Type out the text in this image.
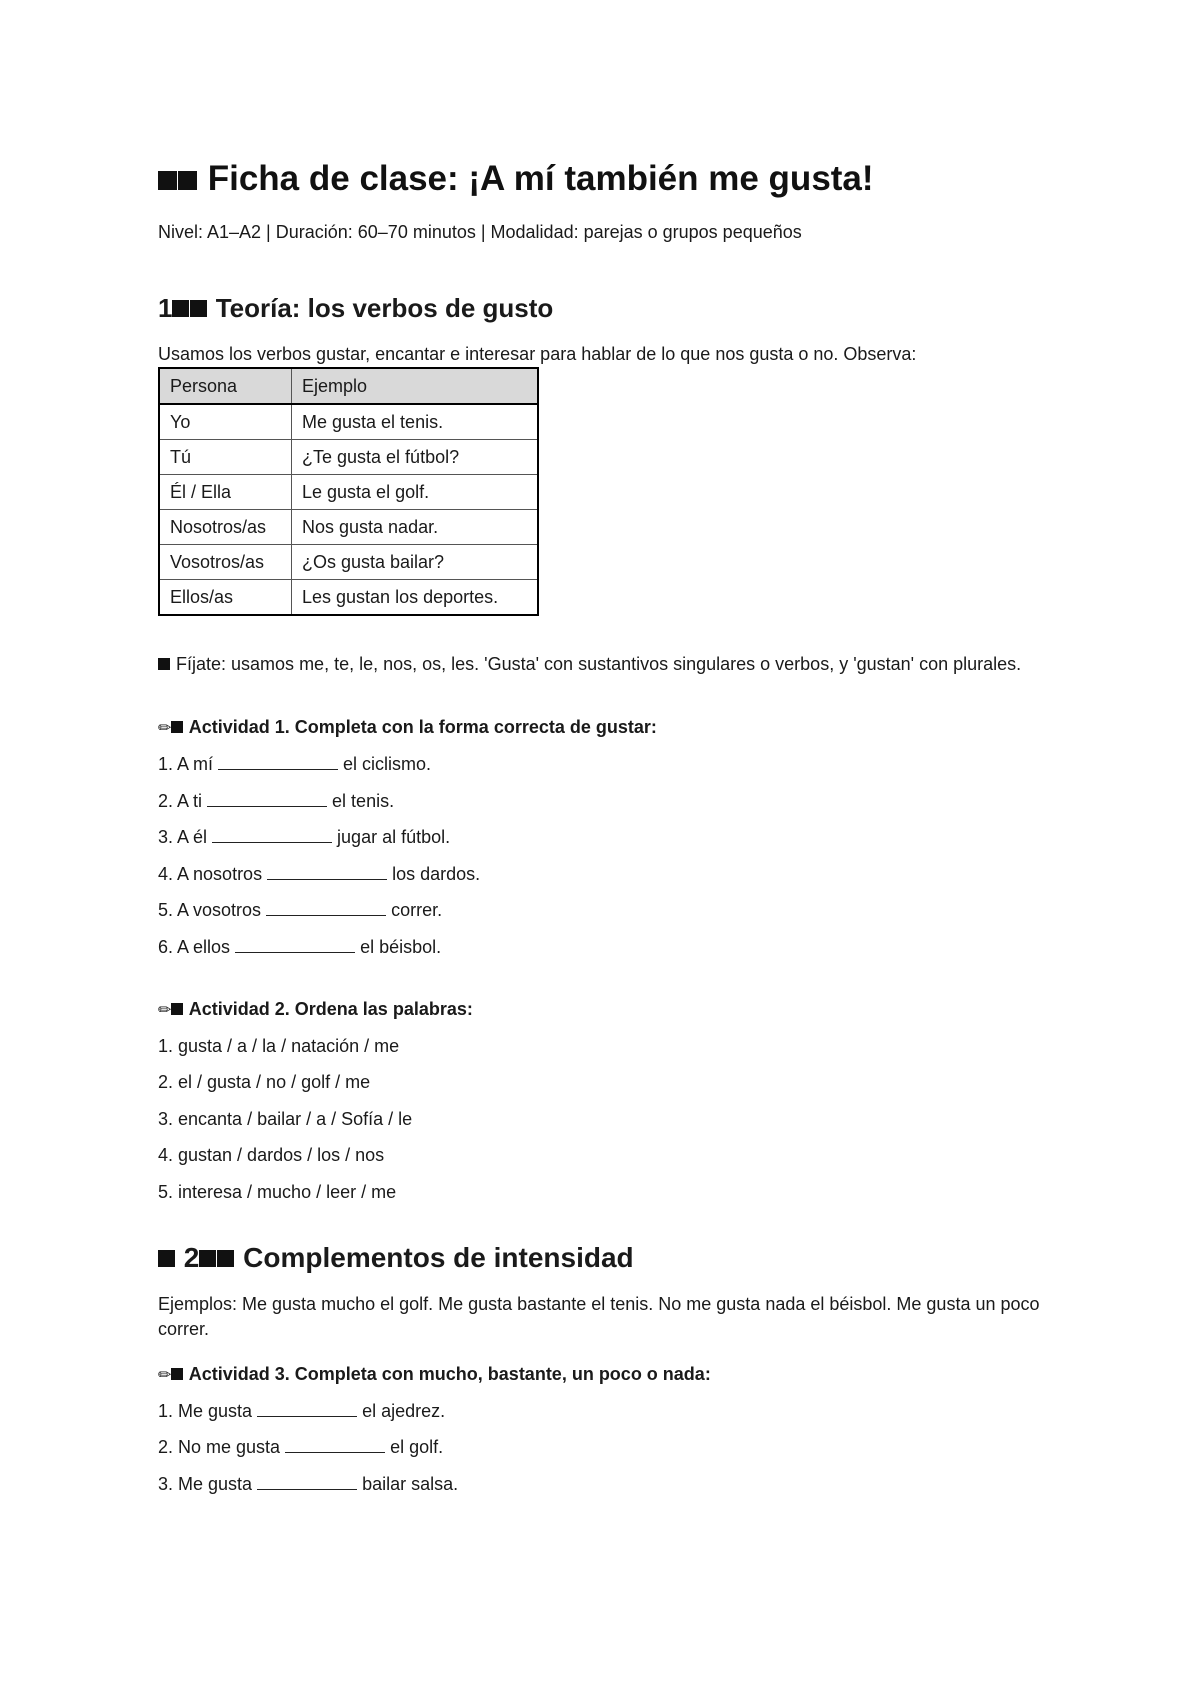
Ficha de clase: ¡A mí también me gusta!

Nivel: A1–A2 | Duración: 60–70 minutos | Modalidad: parejas o grupos pequeños

1 Teoría: los verbos de gusto

Usamos los verbos gustar, encantar e interesar para hablar de lo que nos gusta o no. Observa:

Persona	Ejemplo
Yo	Me gusta el tenis.
Tú	¿Te gusta el fútbol?
Él / Ella	Le gusta el golf.
Nosotros/as	Nos gusta nadar.
Vosotros/as	¿Os gusta bailar?
Ellos/as	Les gustan los deportes.

Fíjate: usamos me, te, le, nos, os, les. 'Gusta' con sustantivos singulares o verbos, y 'gustan' con plurales.

✏ Actividad 1. Completa con la forma correcta de gustar:

1. A mí	el ciclismo.
2. A ti	el tenis.
3. A él	jugar al fútbol.
4. A nosotros	los dardos.
5. A vosotros	correr.
6. A ellos	el béisbol.

✏ Actividad 2. Ordena las palabras:

1. gusta / a / la / natación / me
2. el / gusta / no / golf / me
3. encanta / bailar / a / Sofía / le
4. gustan / dardos / los / nos
5. interesa / mucho / leer / me
2 Complementos de intensidad

Ejemplos: Me gusta mucho el golf. Me gusta bastante el tenis. No me gusta nada el béisbol. Me gusta un poco correr.

✏ Actividad 3. Completa con mucho, bastante, un poco o nada:

1. Me gusta	el ajedrez.
2. No me gusta	el golf.
3. Me gusta	bailar salsa.
